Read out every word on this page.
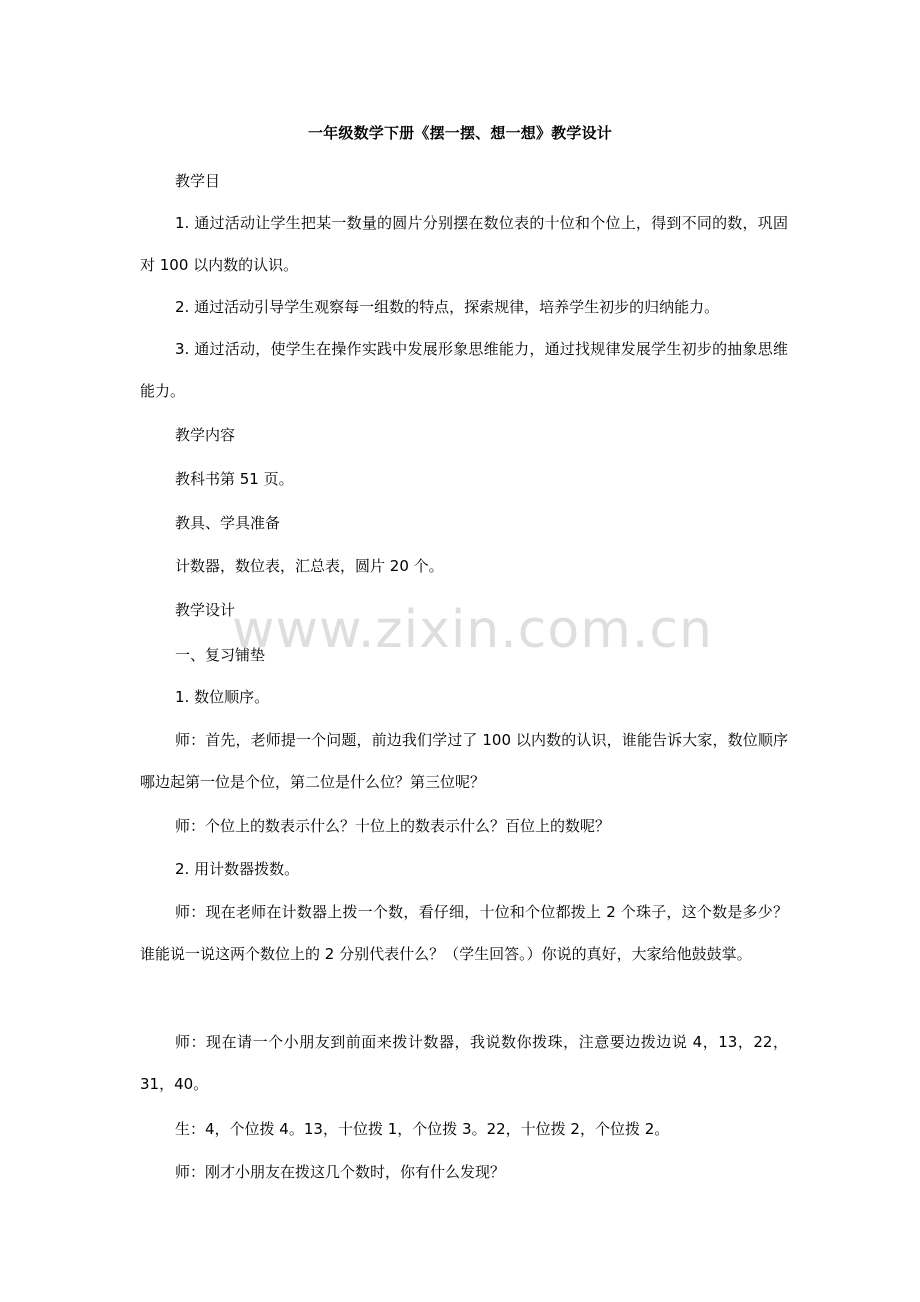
一年级数学下册《摆一摆、想一想》教学设计

教学目

1. 通过活动让学生把某一数量的圆片分别摆在数位表的十位和个位上，得到不同的数，巩固对 100 以内数的认识。

2. 通过活动引导学生观察每一组数的特点，探索规律，培养学生初步的归纳能力。

3. 通过活动，使学生在操作实践中发展形象思维能力，通过找规律发展学生初步的抽象思维能力。

教学内容

教科书第 51 页。

教具、学具准备

计数器，数位表，汇总表，圆片 20 个。

教学设计

一、复习铺垫

1. 数位顺序。

师：首先，老师提一个问题，前边我们学过了 100 以内数的认识，谁能告诉大家，数位顺序哪边起第一位是个位，第二位是什么位？第三位呢？

师：个位上的数表示什么？十位上的数表示什么？百位上的数呢？

2. 用计数器拨数。

师：现在老师在计数器上拨一个数，看仔细，十位和个位都拨上 2 个珠子，这个数是多少？谁能说一说这两个数位上的 2 分别代表什么？（学生回答。）你说的真好，大家给他鼓鼓掌。

师：现在请一个小朋友到前面来拨计数器，我说数你拨珠，注意要边拨边说 4，13，22，31，40。

生：4，个位拨 4。13，十位拨 1，个位拨 3。22，十位拨 2，个位拨 2。

师：刚才小朋友在拨这几个数时，你有什么发现？

www.zixin.com.cn
